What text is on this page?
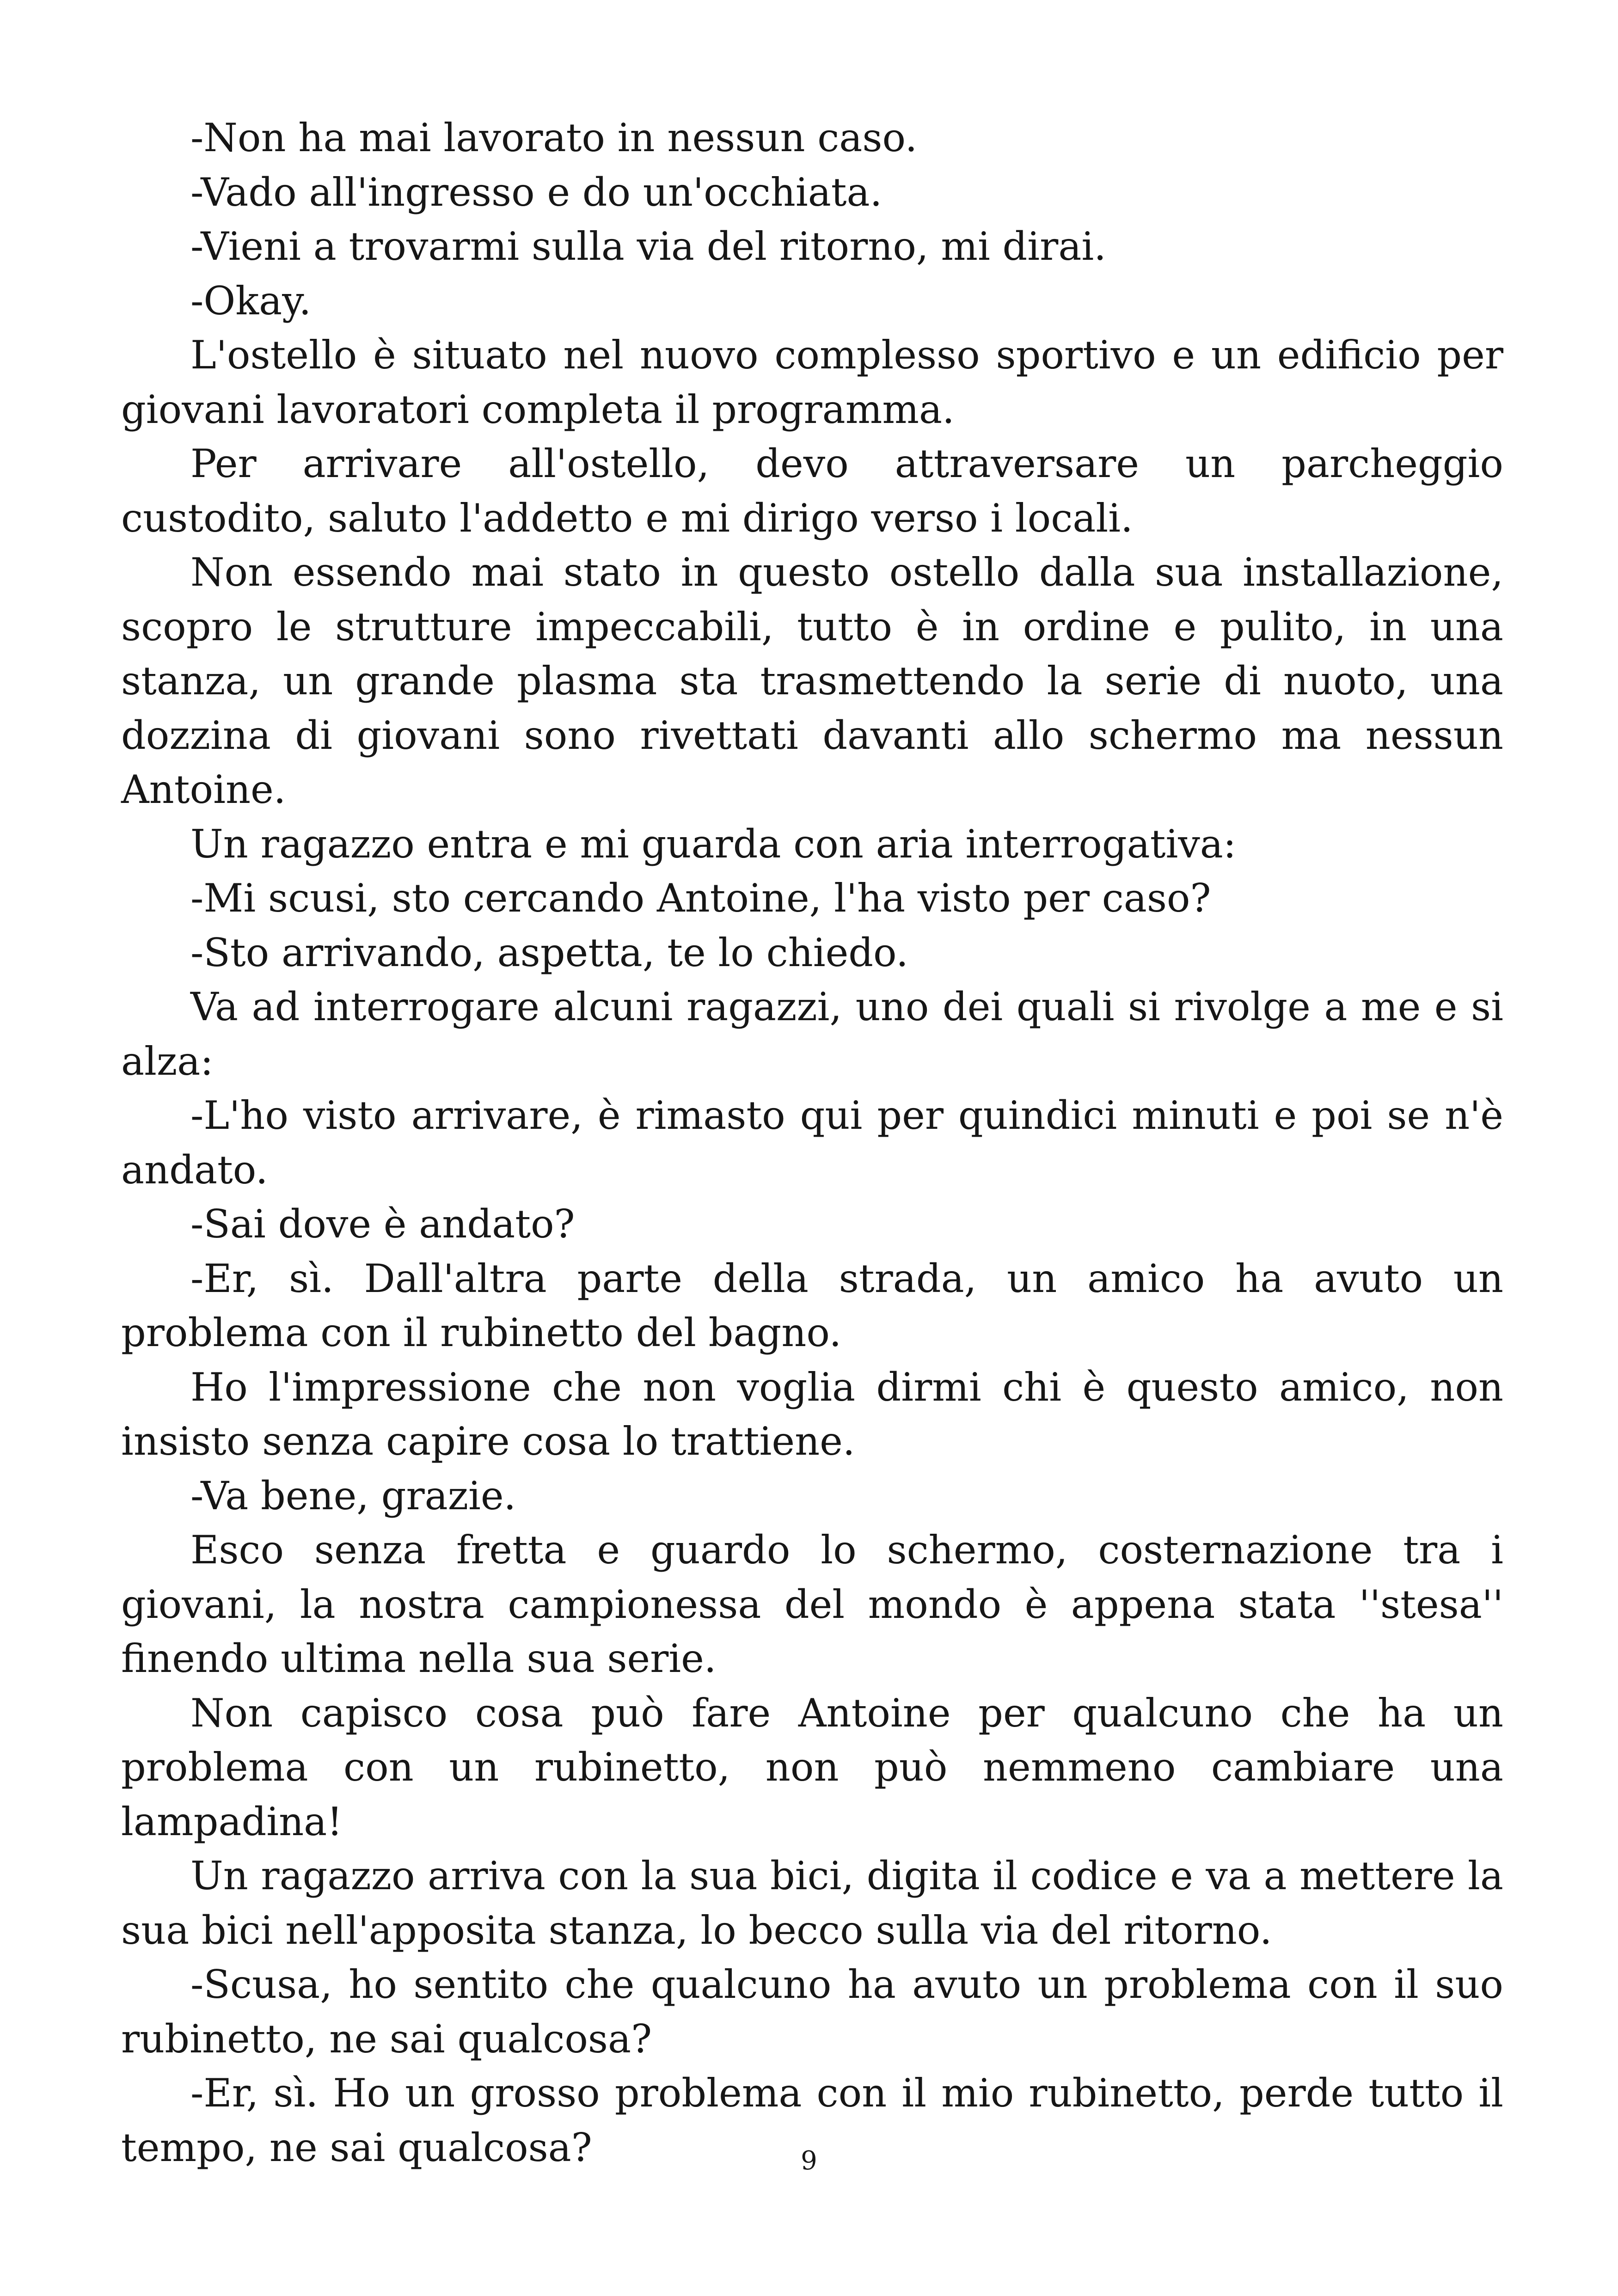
-Non ha mai lavorato in nessun caso.

-Vado all'ingresso e do un'occhiata.

-Vieni a trovarmi sulla via del ritorno, mi dirai.

-Okay.

L'ostello è situato nel nuovo complesso sportivo e un edificio per giovani lavoratori completa il programma.

Per arrivare all'ostello, devo attraversare un parcheggio custodito, saluto l'addetto e mi dirigo verso i locali.

Non essendo mai stato in questo ostello dalla sua installazione, scopro le strutture impeccabili, tutto è in ordine e pulito, in una stanza, un grande plasma sta trasmettendo la serie di nuoto, una dozzina di giovani sono rivettati davanti allo schermo ma nessun Antoine.

Un ragazzo entra e mi guarda con aria interrogativa:

-Mi scusi, sto cercando Antoine, l'ha visto per caso?

-Sto arrivando, aspetta, te lo chiedo.

Va ad interrogare alcuni ragazzi, uno dei quali si rivolge a me e si alza:

-L'ho visto arrivare, è rimasto qui per quindici minuti e poi se n'è andato.

-Sai dove è andato?

-Er, sì. Dall'altra parte della strada, un amico ha avuto un problema con il rubinetto del bagno.

Ho l'impressione che non voglia dirmi chi è questo amico, non insisto senza capire cosa lo trattiene.

-Va bene, grazie.

Esco senza fretta e guardo lo schermo, costernazione tra i giovani, la nostra campionessa del mondo è appena stata ''stesa'' finendo ultima nella sua serie.

Non capisco cosa può fare Antoine per qualcuno che ha un problema con un rubinetto, non può nemmeno cambiare una lampadina!

Un ragazzo arriva con la sua bici, digita il codice e va a mettere la sua bici nell'apposita stanza, lo becco sulla via del ritorno.

-Scusa, ho sentito che qualcuno ha avuto un problema con il suo rubinetto, ne sai qualcosa?

-Er, sì. Ho un grosso problema con il mio rubinetto, perde tutto il tempo, ne sai qualcosa?	9
